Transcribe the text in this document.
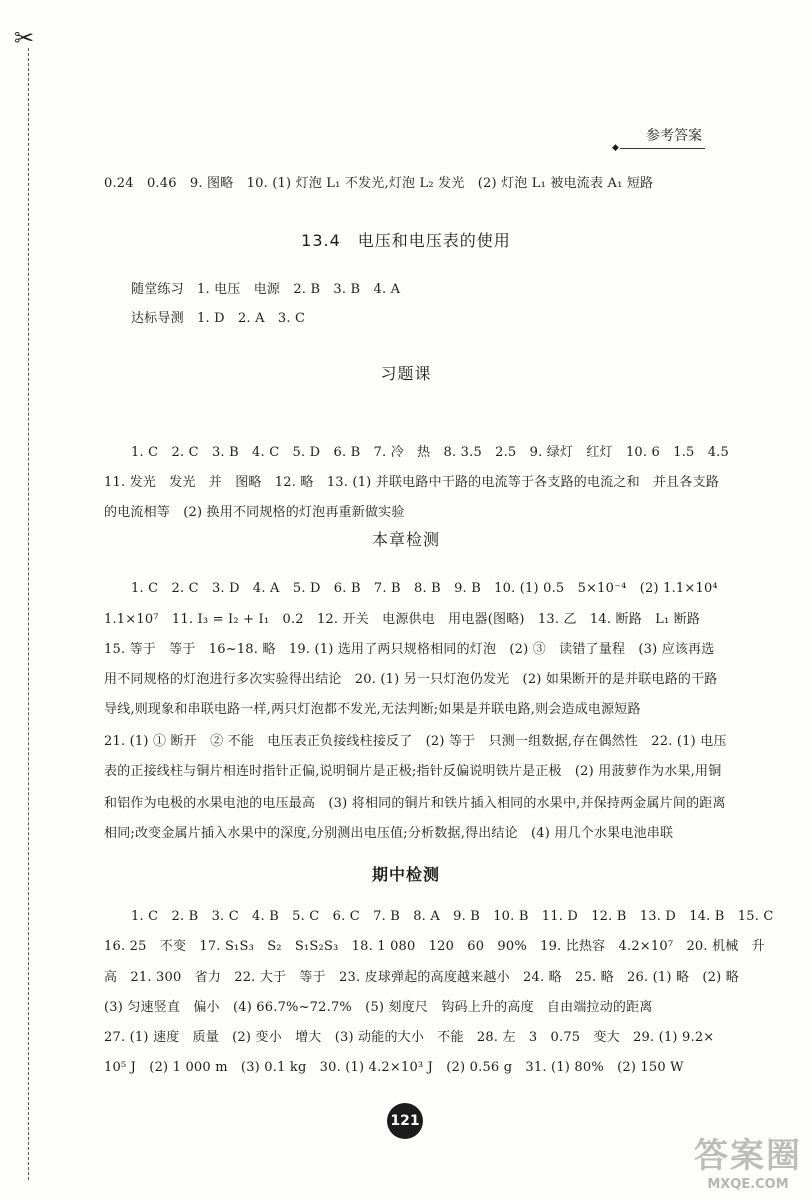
✂
参考答案
◆
0.24　0.46　9. 图略　10. (1) 灯泡 L₁ 不发光,灯泡 L₂ 发光　(2) 灯泡 L₁ 被电流表 A₁ 短路
13.4　电压和电压表的使用
随堂练习　1. 电压　电源　2. B　3. B　4. A
达标导测　1. D　2. A　3. C
习题课
1. C　2. C　3. B　4. C　5. D　6. B　7. 冷　热　8. 3.5　2.5　9. 绿灯　红灯　10. 6　1.5　4.5
11. 发光　发光　并　图略　12. 略　13. (1) 并联电路中干路的电流等于各支路的电流之和　并且各支路
的电流相等　(2) 换用不同规格的灯泡再重新做实验
本章检测
1. C　2. C　3. D　4. A　5. D　6. B　7. B　8. B　9. B　10. (1) 0.5　5×10⁻⁴　(2) 1.1×10⁴
1.1×10⁷　11. I₃ = I₂ + I₁　0.2　12. 开关　电源供电　用电器(图略)　13. 乙　14. 断路　L₁ 断路
15. 等于　等于　16~18. 略　19. (1) 选用了两只规格相同的灯泡　(2) ③　读错了量程　(3) 应该再选
用不同规格的灯泡进行多次实验得出结论　20. (1) 另一只灯泡仍发光　(2) 如果断开的是并联电路的干路
导线,则现象和串联电路一样,两只灯泡都不发光,无法判断;如果是并联电路,则会造成电源短路
21. (1) ① 断开　② 不能　电压表正负接线柱接反了　(2) 等于　只测一组数据,存在偶然性　22. (1) 电压
表的正接线柱与铜片相连时指针正偏,说明铜片是正极;指针反偏说明铁片是正极　(2) 用菠萝作为水果,用铜
和铝作为电极的水果电池的电压最高　(3) 将相同的铜片和铁片插入相同的水果中,并保持两金属片间的距离
相同;改变金属片插入水果中的深度,分别测出电压值;分析数据,得出结论　(4) 用几个水果电池串联
期中检测
1. C　2. B　3. C　4. B　5. C　6. C　7. B　8. A　9. B　10. B　11. D　12. B　13. D　14. B　15. C
16. 25　不变　17. S₁S₃　S₂　S₁S₂S₃　18. 1 080　120　60　90%　19. 比热容　4.2×10⁷　20. 机械　升
高　21. 300　省力　22. 大于　等于　23. 皮球弹起的高度越来越小　24. 略　25. 略　26. (1) 略　(2) 略
(3) 匀速竖直　偏小　(4) 66.7%~72.7%　(5) 刻度尺　钩码上升的高度　自由端拉动的距离
27. (1) 速度　质量　(2) 变小　增大　(3) 动能的大小　不能　28. 左　3　0.75　变大　29. (1) 9.2×
10⁵ J　(2) 1 000 m　(3) 0.1 kg　30. (1) 4.2×10³ J　(2) 0.56 g　31. (1) 80%　(2) 150 W
121
答案圈
MXQE.COM
